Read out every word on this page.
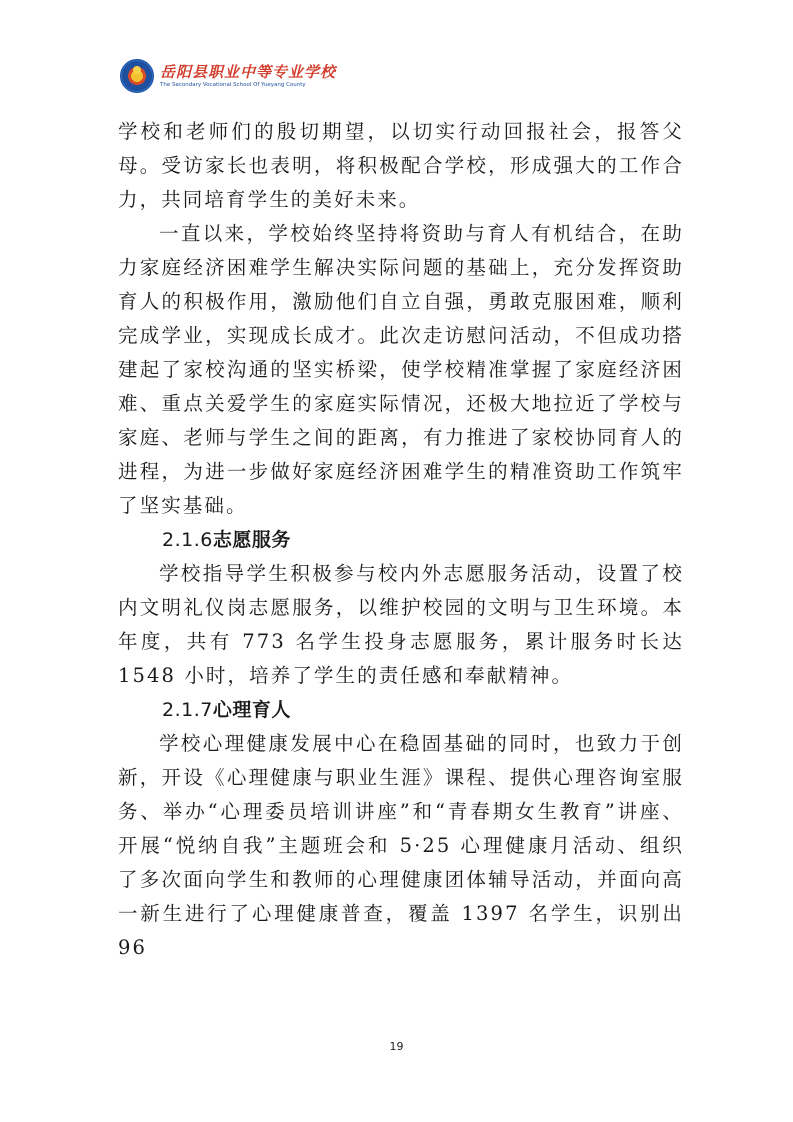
岳阳县职业中等专业学校
The Secondary Vocational School Of Yueyang County

学校和老师们的殷切期望，以切实行动回报社会，报答父母。受访家长也表明，将积极配合学校，形成强大的工作合力，共同培育学生的美好未来。

一直以来，学校始终坚持将资助与育人有机结合，在助力家庭经济困难学生解决实际问题的基础上，充分发挥资助育人的积极作用，激励他们自立自强，勇敢克服困难，顺利完成学业，实现成长成才。此次走访慰问活动，不但成功搭建起了家校沟通的坚实桥梁，使学校精准掌握了家庭经济困难、重点关爱学生的家庭实际情况，还极大地拉近了学校与家庭、老师与学生之间的距离，有力推进了家校协同育人的进程，为进一步做好家庭经济困难学生的精准资助工作筑牢了坚实基础。

2.1.6志愿服务

学校指导学生积极参与校内外志愿服务活动，设置了校内文明礼仪岗志愿服务，以维护校园的文明与卫生环境。本年度，共有 773 名学生投身志愿服务，累计服务时长达 1548 小时，培养了学生的责任感和奉献精神。

2.1.7心理育人

学校心理健康发展中心在稳固基础的同时，也致力于创新，开设《心理健康与职业生涯》课程、提供心理咨询室服务、举办“心理委员培训讲座”和“青春期女生教育”讲座、开展“悦纳自我”主题班会和 5·25 心理健康月活动、组织了多次面向学生和教师的心理健康团体辅导活动，并面向高一新生进行了心理健康普查，覆盖 1397 名学生，识别出 96

19
